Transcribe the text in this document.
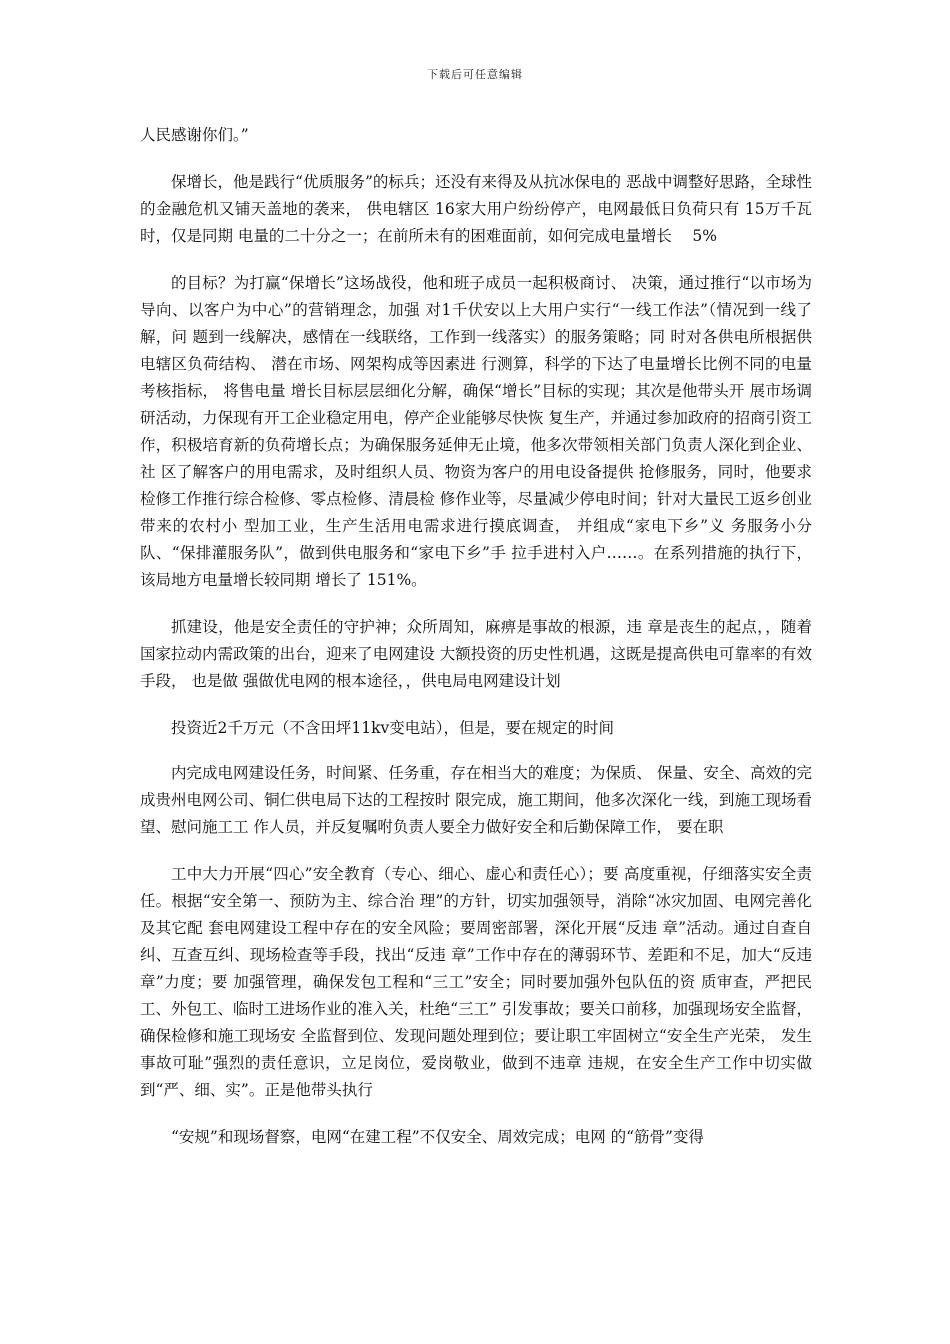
下载后可任意编辑

人民感谢你们。”

保增长，他是践行“优质服务”的标兵；还没有来得及从抗冰保电的 恶战中调整好思路，全球性的金融危机又铺天盖地的袭来， 供电辖区 16家大用户纷纷停产，电网最低日负荷只有 15万千瓦时，仅是同期 电量的二十分之一；在前所未有的困难面前，如何完成电量增长　 5%

的目标？为打赢“保增长”这场战役，他和班子成员一起积极商讨、 决策，通过推行“以市场为导向、以客户为中心”的营销理念，加强 对1千伏安以上大用户实行“一线工作法”（情况到一线了解，问 题到一线解决，感情在一线联络，工作到一线落实）的服务策略；同 时对各供电所根据供电辖区负荷结构、 潜在市场、网架构成等因素进 行测算，科学的下达了电量增长比例不同的电量考核指标， 将售电量 增长目标层层细化分解，确保“增长”目标的实现；其次是他带头开 展市场调研活动，力保现有开工企业稳定用电，停产企业能够尽快恢 复生产，并通过参加政府的招商引资工作，积极培育新的负荷增长点；为确保服务延伸无止境，他多次带领相关部门负责人深化到企业、社 区了解客户的用电需求，及时组织人员、物资为客户的用电设备提供 抢修服务，同时，他要求检修工作推行综合检修、零点检修、清晨检 修作业等，尽量减少停电时间；针对大量民工返乡创业带来的农村小 型加工业，生产生活用电需求进行摸底调查， 并组成“家电下乡”义 务服务小分队、“保排灌服务队”，做到供电服务和“家电下乡”手 拉手进村入户……。在系列措施的执行下，该局地方电量增长较同期 增长了 151%。

抓建设，他是安全责任的守护神；众所周知，麻痹是事故的根源，违 章是丧生的起点，，随着国家拉动内需政策的出台，迎来了电网建设 大额投资的历史性机遇，这既是提高供电可靠率的有效手段， 也是做 强做优电网的根本途径，，供电局电网建设计划

投资近2千万元（不含田坪11kv变电站），但是，要在规定的时间

内完成电网建设任务，时间紧、任务重，存在相当大的难度；为保质、 保量、安全、高效的完成贵州电网公司、铜仁供电局下达的工程按时 限完成，施工期间，他多次深化一线，到施工现场看望、慰问施工工 作人员，并反复嘱咐负责人要全力做好安全和后勤保障工作， 要在职

工中大力开展“四心”安全教育（专心、细心、虚心和责任心）；要 高度重视，仔细落实安全责任。根据“安全第一、预防为主、综合治 理”的方针，切实加强领导，消除“冰灾加固、电网完善化及其它配 套电网建设工程中存在的安全风险；要周密部署，深化开展“反违 章”活动。通过自查自纠、互查互纠、现场检查等手段，找出“反违 章”工作中存在的薄弱环节、差距和不足，加大“反违章”力度；要 加强管理，确保发包工程和“三工”安全；同时要加强外包队伍的资 质审查，严把民工、外包工、临时工进场作业的准入关，杜绝“三工” 引发事故；要关口前移，加强现场安全监督，确保检修和施工现场安 全监督到位、发现问题处理到位；要让职工牢固树立“安全生产光荣， 发生事故可耻”强烈的责任意识，立足岗位，爱岗敬业，做到不违章 违规，在安全生产工作中切实做到“严、细、实”。正是他带头执行

“安规”和现场督察，电网“在建工程”不仅安全、周效完成；电网 的“筋骨”变得
